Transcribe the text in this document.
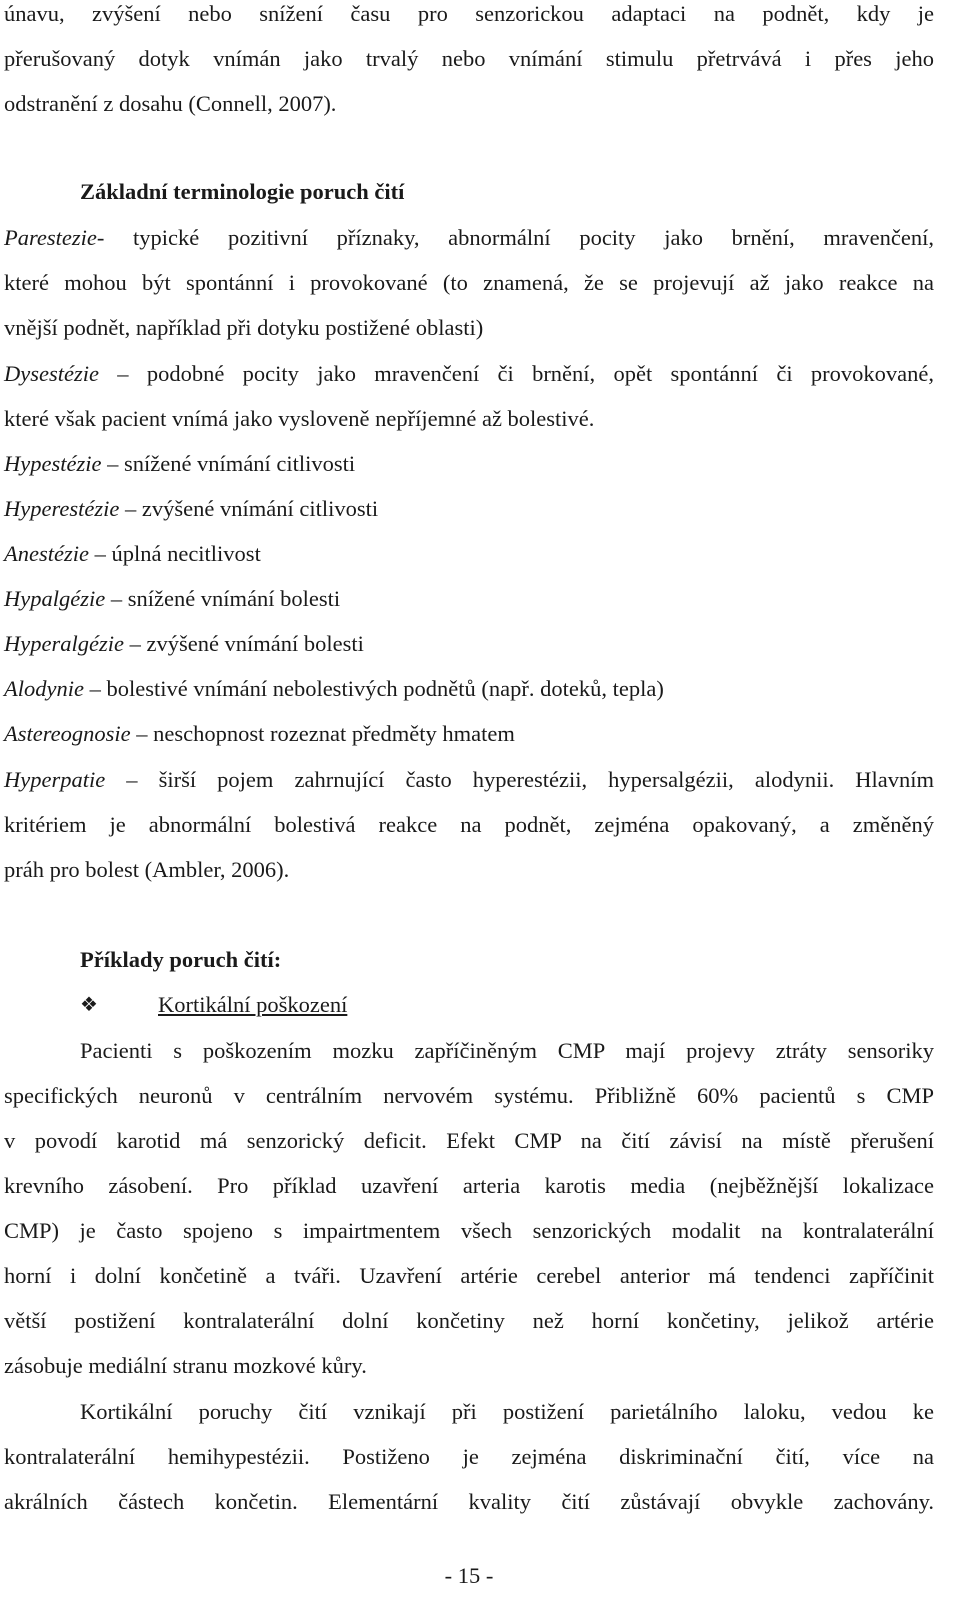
únavu, zvýšení nebo snížení času pro senzorickou adaptaci na podnět, kdy je
přerušovaný dotyk vnímán jako trvalý nebo vnímání stimulu přetrvává i přes jeho
odstranění z dosahu (Connell, 2007).
Základní terminologie poruch čití
Parestezie- typické pozitivní příznaky, abnormální pocity jako brnění, mravenčení,
které mohou být spontánní i provokované (to znamená, že se projevují až jako reakce na
vnější podnět, například při dotyku postižené oblasti)
Dysestézie – podobné pocity jako mravenčení či brnění, opět spontánní či provokované,
které však pacient vnímá jako vysloveně nepříjemné až bolestivé.
Hypestézie – snížené vnímání citlivosti
Hyperestézie – zvýšené vnímání citlivosti
Anestézie – úplná necitlivost
Hypalgézie – snížené vnímání bolesti
Hyperalgézie – zvýšené vnímání bolesti
Alodynie – bolestivé vnímání nebolestivých podnětů (např. doteků, tepla)
Astereognosie – neschopnost rozeznat předměty hmatem
Hyperpatie – širší pojem zahrnující často hyperestézii, hypersalgézii, alodynii. Hlavním
kritériem je abnormální bolestivá reakce na podnět, zejména opakovaný, a změněný
práh pro bolest (Ambler, 2006).
Příklady poruch čití:
❖	Kortikální poškození
Pacienti s poškozením mozku zapříčiněným CMP mají projevy ztráty sensoriky
specifických neuronů v centrálním nervovém systému. Přibližně 60% pacientů s CMP
v povodí karotid má senzorický deficit. Efekt CMP na čití závisí na místě přerušení
krevního zásobení. Pro příklad uzavření arteria karotis media (nejběžnější lokalizace
CMP) je často spojeno s impairtmentem všech senzorických modalit na kontralaterální
horní i dolní končetině a tváři. Uzavření artérie cerebel anterior má tendenci zapříčinit
větší postižení kontralaterální dolní končetiny než horní končetiny, jelikož artérie
zásobuje mediální stranu mozkové kůry.
Kortikální poruchy čití vznikají při postižení parietálního laloku, vedou ke
kontralaterální hemihypestézii. Postiženo je zejména diskriminační čití, více na
akrálních částech končetin. Elementární kvality čití zůstávají obvykle zachovány.
- 15 -
